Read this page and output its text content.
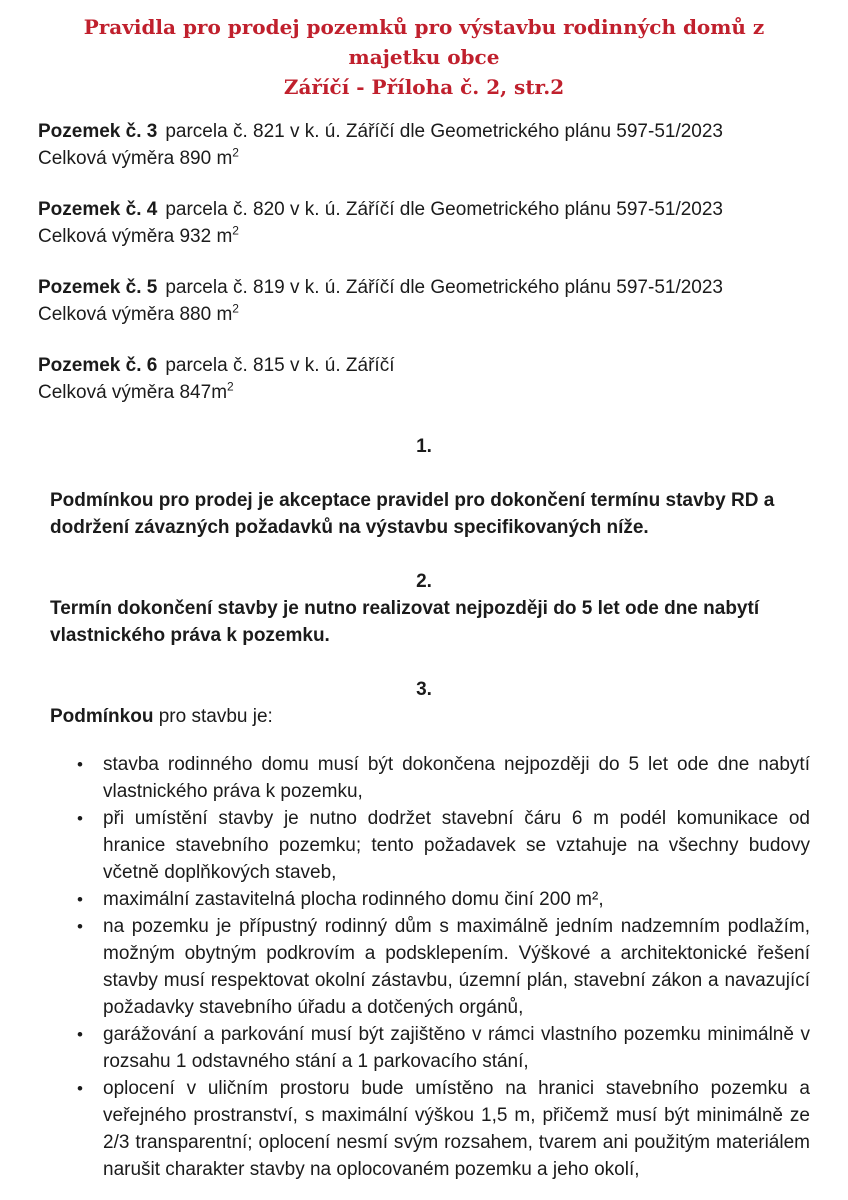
Pravidla pro prodej pozemků pro výstavbu rodinných domů z majetku obce
Záříčí - Příloha č. 2, str.2
Pozemek č. 3 parcela č. 821 v k. ú. Záříčí dle Geometrického plánu 597-51/2023
Celková výměra 890 $m^2$
Pozemek č. 4 parcela č. 820 v k. ú. Záříčí dle Geometrického plánu 597-51/2023
Celková výměra 932 $m^2$
Pozemek č. 5 parcela č. 819 v k. ú. Záříčí dle Geometrického plánu 597-51/2023
Celková výměra 880 $m^2$
Pozemek č. 6 parcela č. 815 v k. ú. Záříčí
Celková výměra $847m^2$
1.

Podmínkou pro prodej je akceptace pravidel pro dokončení termínu stavby RD a dodržení závazných požadavků na výstavbu specifikovaných níže.

2.

Termín dokončení stavby je nutno realizovat nejpozději do 5 let ode dne nabytí vlastnického práva k pozemku.

3.

Podmínkou pro stavbu je:

• stavba rodinného domu musí být dokončena nejpozději do 5 let ode dne nabytí vlastnického práva k pozemku,
• při umístění stavby je nutno dodržet stavební čáru 6 m podél komunikace od hranice stavebního pozemku; tento požadavek se vztahuje na všechny budovy včetně doplňkových staveb,
• maximální zastavitelná plocha rodinného domu činí 200 m²,
• na pozemku je přípustný rodinný dům s maximálně jedním nadzemním podlažím, možným obytným podkrovím a podsklepením. Výškové a architektonické řešení stavby musí respektovat okolní zástavbu, územní plán, stavební zákon a navazující požadavky stavebního úřadu a dotčených orgánů,
• garážování a parkování musí být zajištěno v rámci vlastního pozemku minimálně v rozsahu 1 odstavného stání a 1 parkovacího stání,
• oplocení v uličním prostoru bude umístěno na hranici stavebního pozemku a veřejného prostranství, s maximální výškou 1,5 m, přičemž musí být minimálně ze 2/3 transparentní; oplocení nesmí svým rozsahem, tvarem ani použitým materiálem narušit charakter stavby na oplocovaném pozemku a jeho okolí,
